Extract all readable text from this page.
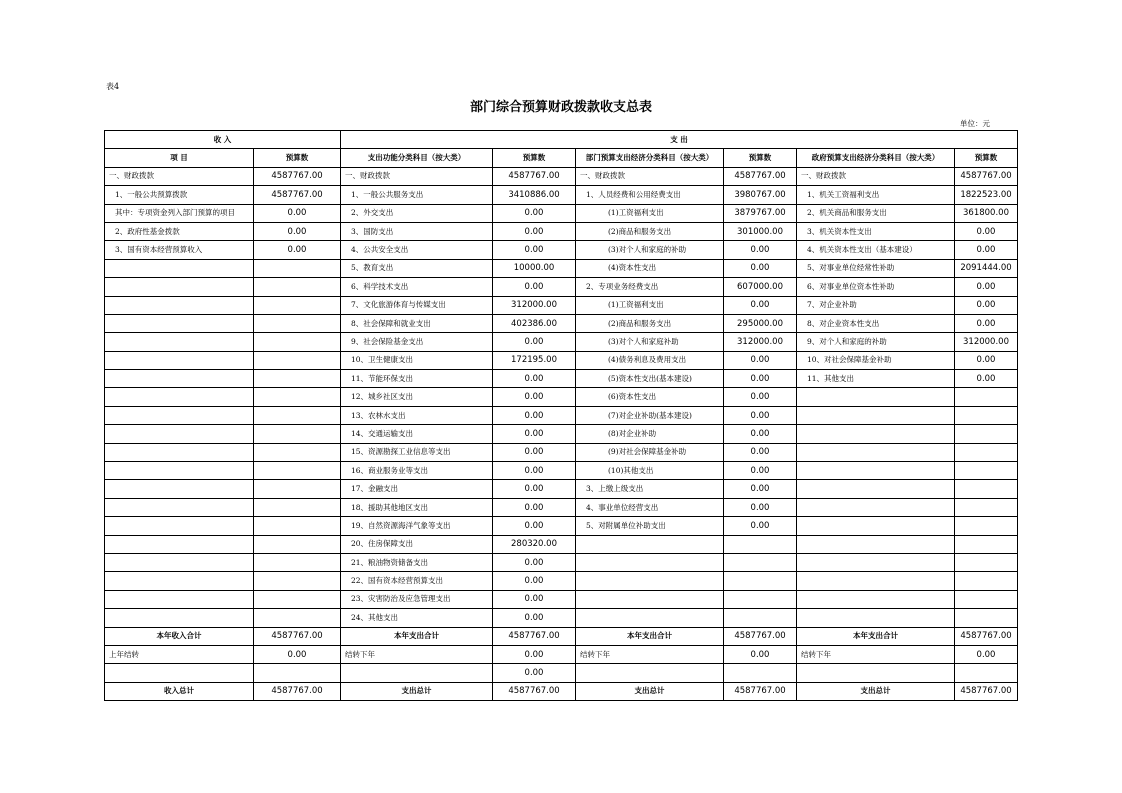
表4
部门综合预算财政拨款收支总表
单位：元
收 入		支 出					
项 目	预算数	支出功能分类科目（按大类）	预算数	部门预算支出经济分类科目（按大类）	预算数	政府预算支出经济分类科目（按大类）	预算数
一、财政拨款	4587767.00	一、财政拨款	4587767.00	一、财政拨款	4587767.00	一、财政拨款	4587767.00
1、一般公共预算拨款	4587767.00	1、一般公共服务支出	3410886.00	1、人员经费和公用经费支出	3980767.00	1、机关工资福利支出	1822523.00
其中：专项资金列入部门预算的项目	0.00	2、外交支出	0.00	(1)工资福利支出	3879767.00	2、机关商品和服务支出	361800.00
2、政府性基金拨款	0.00	3、国防支出	0.00	(2)商品和服务支出	301000.00	3、机关资本性支出	0.00
3、国有资本经营预算收入	0.00	4、公共安全支出	0.00	(3)对个人和家庭的补助	0.00	4、机关资本性支出（基本建设）	0.00
		5、教育支出	10000.00	(4)资本性支出	0.00	5、对事业单位经常性补助	2091444.00
		6、科学技术支出	0.00	2、专项业务经费支出	607000.00	6、对事业单位资本性补助	0.00
		7、文化旅游体育与传媒支出	312000.00	(1)工资福利支出	0.00	7、对企业补助	0.00
		8、社会保障和就业支出	402386.00	(2)商品和服务支出	295000.00	8、对企业资本性支出	0.00
		9、社会保险基金支出	0.00	(3)对个人和家庭补助	312000.00	9、对个人和家庭的补助	312000.00
		10、卫生健康支出	172195.00	(4)债务利息及费用支出	0.00	10、对社会保障基金补助	0.00
		11、节能环保支出	0.00	(5)资本性支出(基本建设)	0.00	11、其他支出	0.00
		12、城乡社区支出	0.00	(6)资本性支出	0.00		
		13、农林水支出	0.00	(7)对企业补助(基本建设)	0.00		
		14、交通运输支出	0.00	(8)对企业补助	0.00		
		15、资源勘探工业信息等支出	0.00	(9)对社会保障基金补助	0.00		
		16、商业服务业等支出	0.00	(10)其他支出	0.00		
		17、金融支出	0.00	3、上缴上级支出	0.00		
		18、援助其他地区支出	0.00	4、事业单位经营支出	0.00		
		19、自然资源海洋气象等支出	0.00	5、对附属单位补助支出	0.00		
		20、住房保障支出	280320.00				
		21、粮油物资储备支出	0.00				
		22、国有资本经营预算支出	0.00				
		23、灾害防治及应急管理支出	0.00				
		24、其他支出	0.00				
本年收入合计	4587767.00	本年支出合计	4587767.00	本年支出合计	4587767.00	本年支出合计	4587767.00
上年结转	0.00	结转下年	0.00	结转下年	0.00	结转下年	0.00
			0.00				
收入总计	4587767.00	支出总计	4587767.00	支出总计	4587767.00	支出总计	4587767.00
